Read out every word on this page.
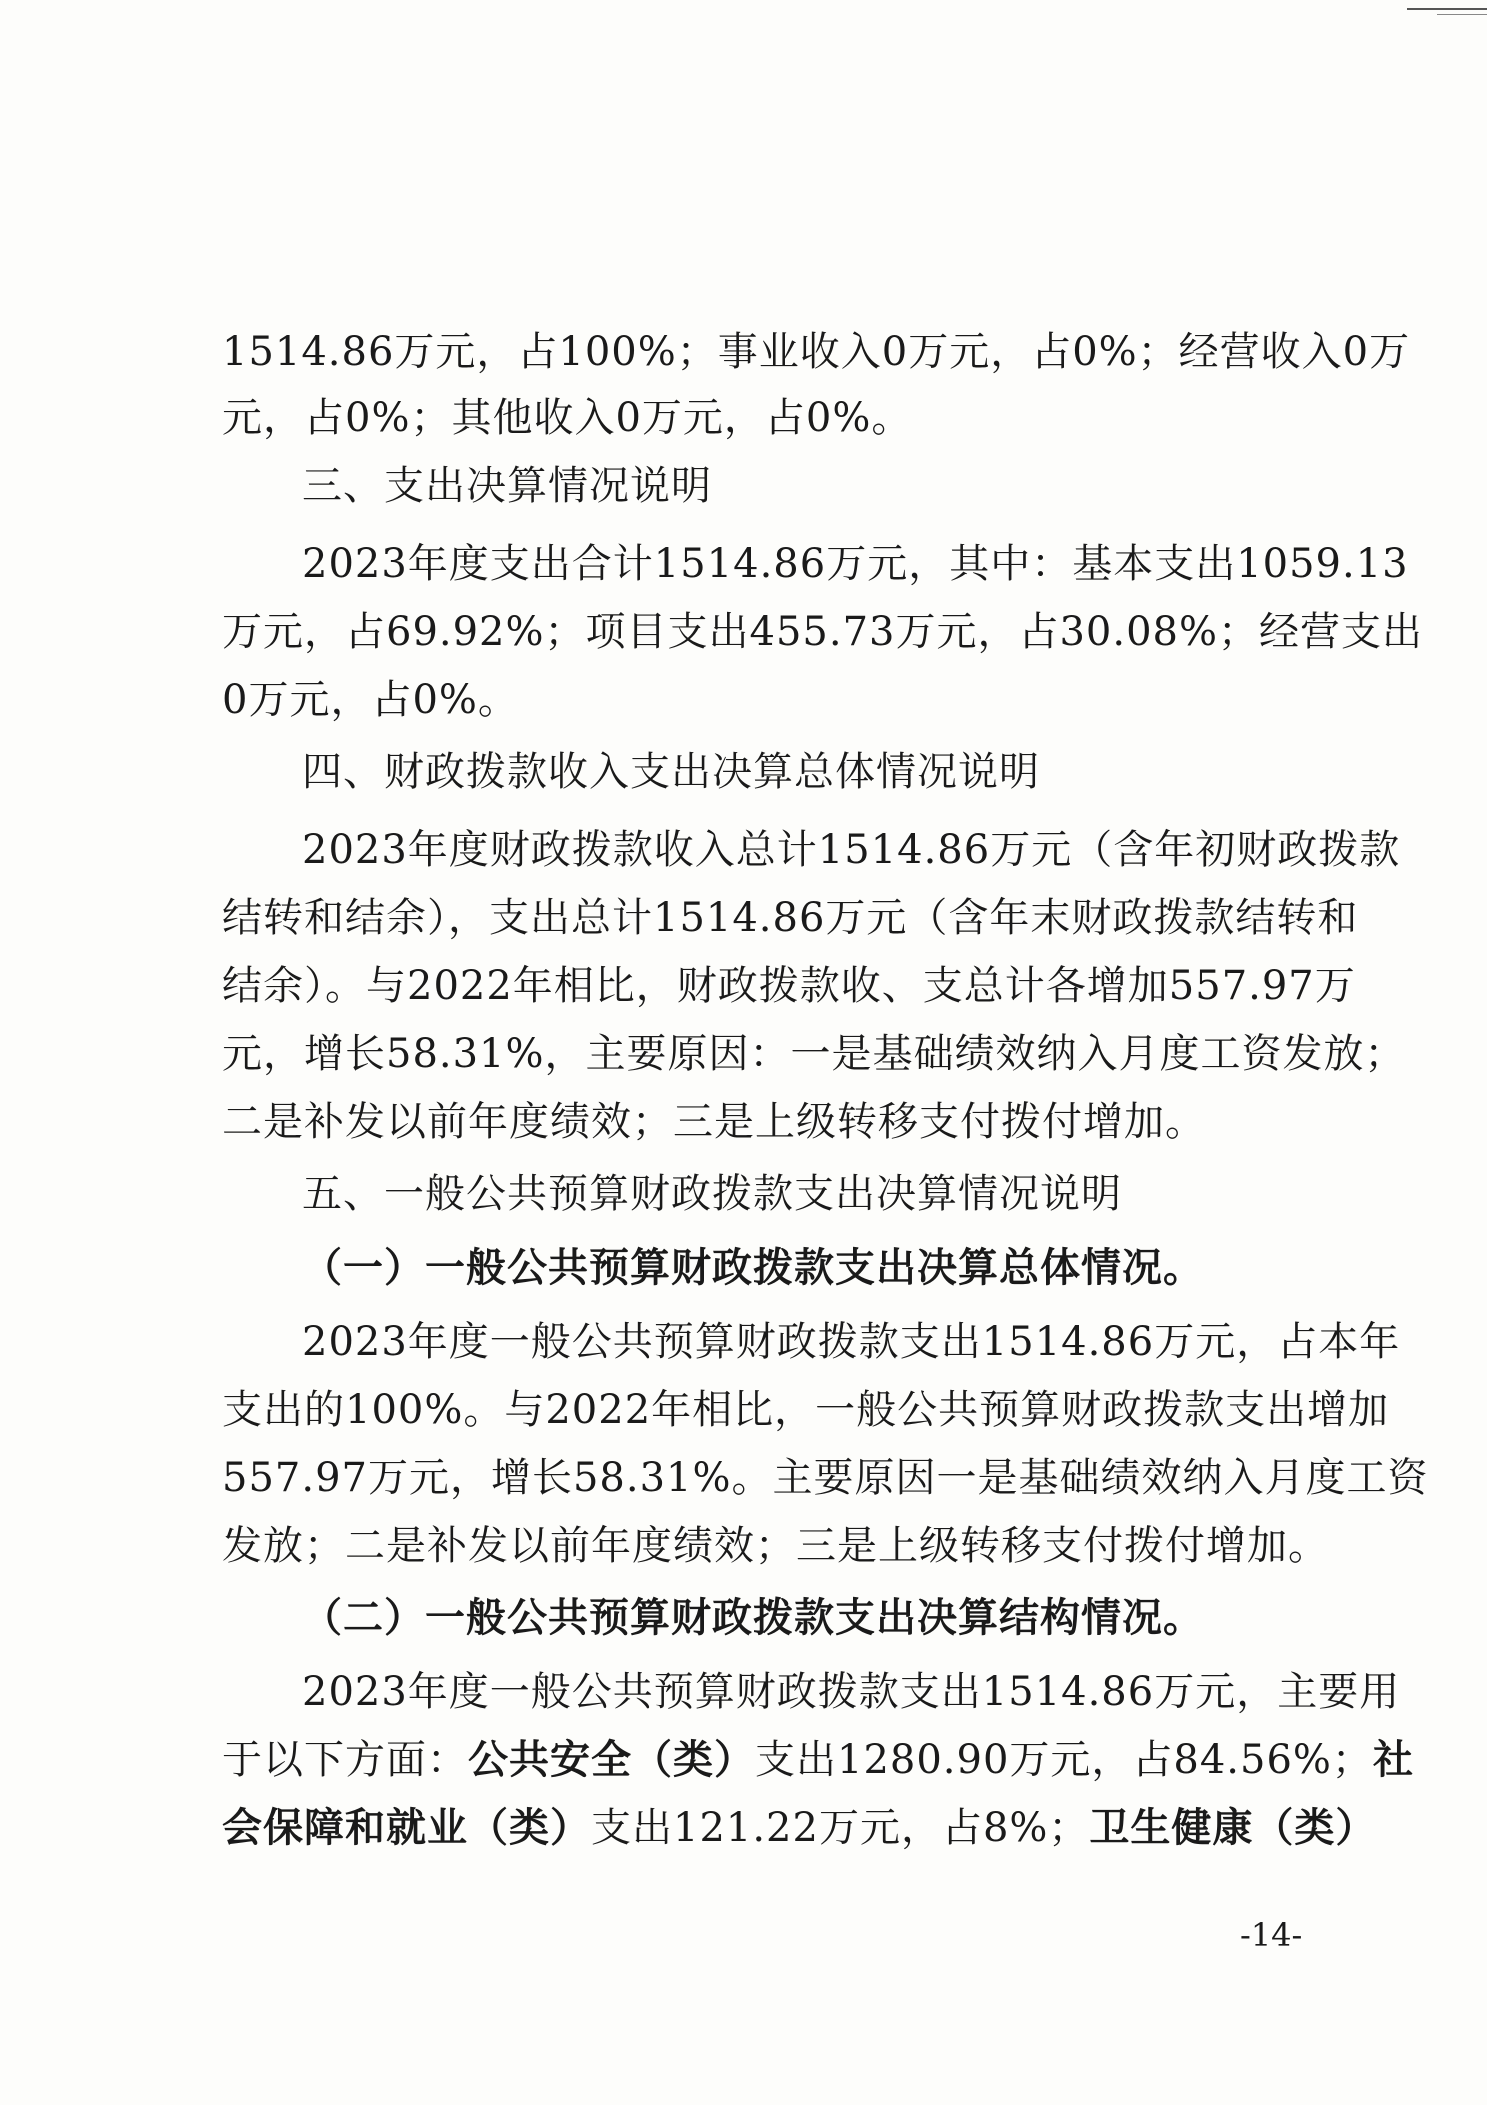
1514.86万元，占100%；事业收入0万元，占0%；经营收入0万
元，占0%；其他收入0万元，占0%。
三、支出决算情况说明
2023年度支出合计1514.86万元，其中：基本支出1059.13
万元，占69.92%；项目支出455.73万元，占30.08%；经营支出
0万元，占0%。
四、财政拨款收入支出决算总体情况说明
2023年度财政拨款收入总计1514.86万元（含年初财政拨款
结转和结余），支出总计1514.86万元（含年末财政拨款结转和
结余）。与2022年相比，财政拨款收、支总计各增加557.97万
元，增长58.31%，主要原因：一是基础绩效纳入月度工资发放；
二是补发以前年度绩效；三是上级转移支付拨付增加。
五、一般公共预算财政拨款支出决算情况说明
（一）一般公共预算财政拨款支出决算总体情况。
2023年度一般公共预算财政拨款支出1514.86万元，占本年
支出的100%。与2022年相比，一般公共预算财政拨款支出增加
557.97万元，增长58.31%。主要原因一是基础绩效纳入月度工资
发放；二是补发以前年度绩效；三是上级转移支付拨付增加。
（二）一般公共预算财政拨款支出决算结构情况。
2023年度一般公共预算财政拨款支出1514.86万元，主要用
于以下方面：公共安全（类）支出1280.90万元，占84.56%；社
会保障和就业（类）支出121.22万元，占8%；卫生健康（类）
-14-
